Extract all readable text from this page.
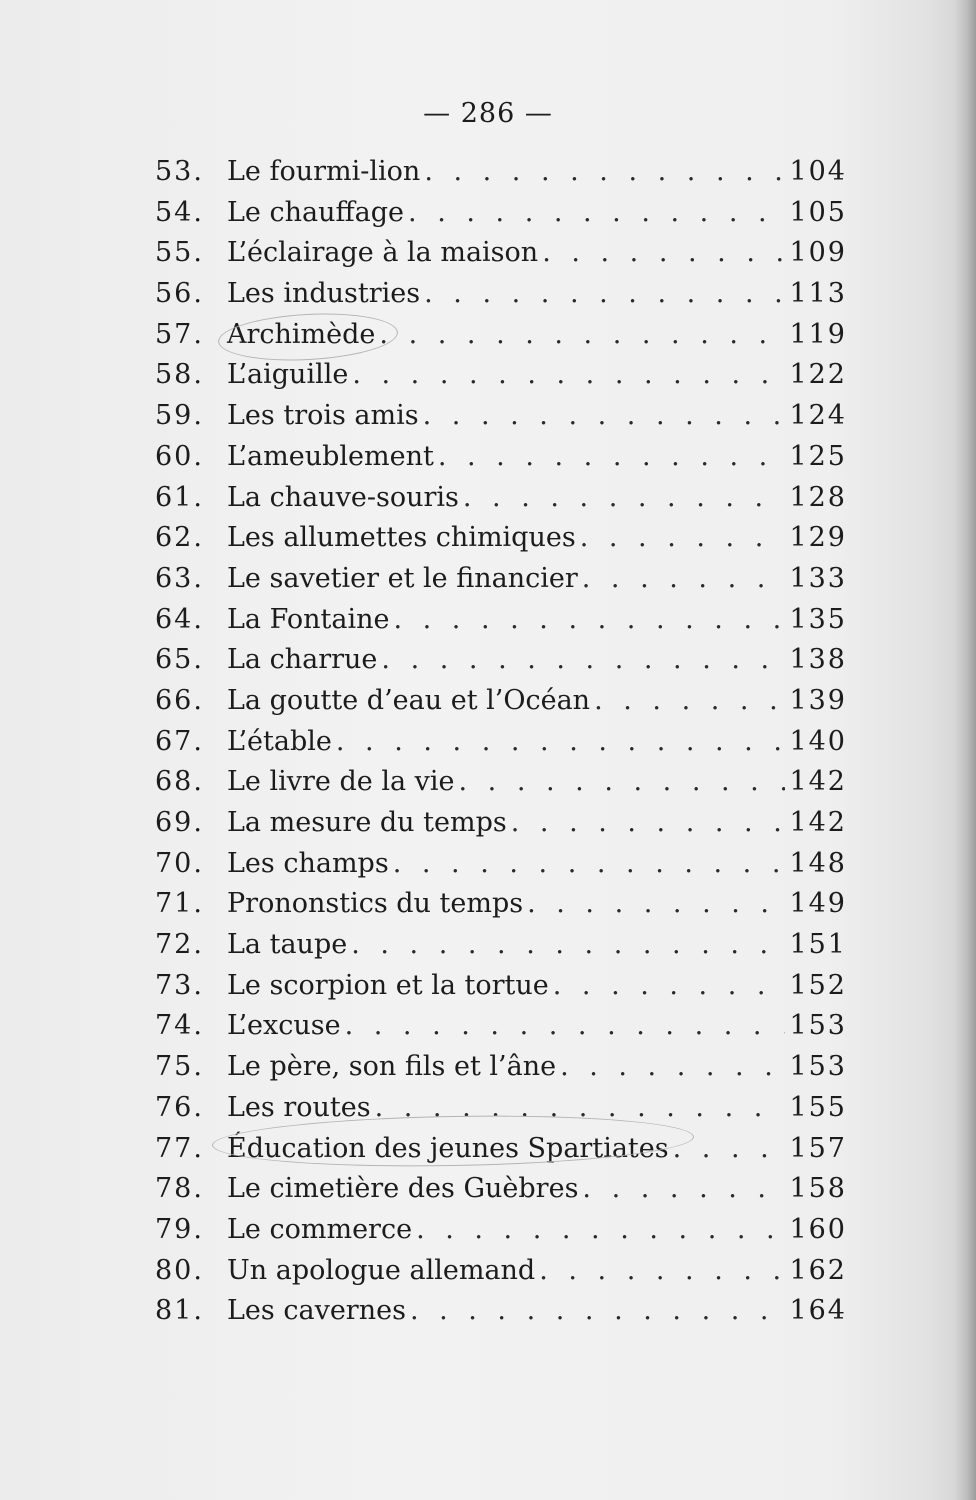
— 286 —
53. Le fourmi-lion . . .	104
54. Le chauffage . . .	105
55. L’éclairage à la maison . . .	109
56. Les industries . . .	113
57. Archimède . . .	119
58. L’aiguille . . .	122
59. Les trois amis . . .	124
60. L’ameublement . . .	125
61. La chauve-souris . . .	128
62. Les allumettes chimiques . . .	129
63. Le savetier et le financier . . .	133
64. La Fontaine . . .	135
65. La charrue . . .	138
66. La goutte d’eau et l’Océan . . .	139
67. L’étable . . .	140
68. Le livre de la vie . . .	142
69. La mesure du temps . . .	142
70. Les champs . . .	148
71. Prononstics du temps . . .	149
72. La taupe . . .	151
73. Le scorpion et la tortue . . .	152
74. L’excuse . . .	153
75. Le père, son fils et l’âne . . .	153
76. Les routes . . .	155
77. Éducation des jeunes Spartiates . . .	157
78. Le cimetière des Guèbres . . .	158
79. Le commerce . . .	160
80. Un apologue allemand . . .	162
81. Les cavernes . . .	164
